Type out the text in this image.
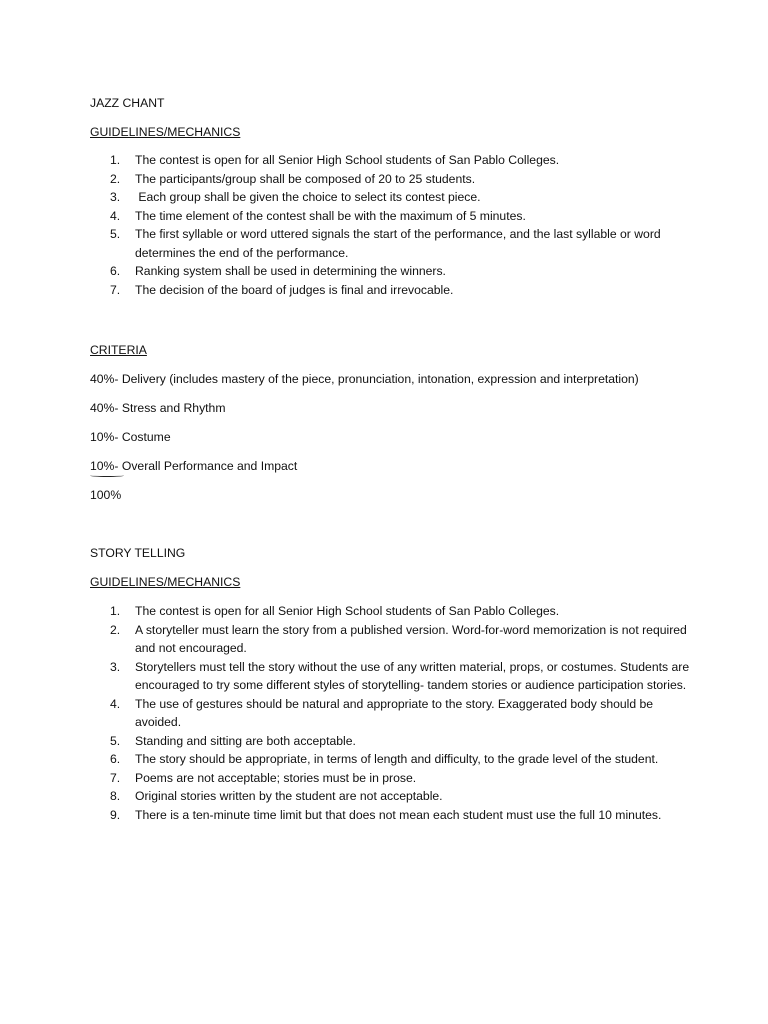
JAZZ CHANT

GUIDELINES/MECHANICS

1. The contest is open for all Senior High School students of San Pablo Colleges.
2. The participants/group shall be composed of 20 to 25 students.
3. Each group shall be given the choice to select its contest piece.
4. The time element of the contest shall be with the maximum of 5 minutes.
5. The first syllable or word uttered signals the start of the performance, and the last syllable or word determines the end of the performance.
6. Ranking system shall be used in determining the winners.
7. The decision of the board of judges is final and irrevocable.

CRITERIA

40%- Delivery (includes mastery of the piece, pronunciation, intonation, expression and interpretation)

40%- Stress and Rhythm

10%- Costume

10%- Overall Performance and Impact

100%

STORY TELLING

GUIDELINES/MECHANICS

1. The contest is open for all Senior High School students of San Pablo Colleges.
2. A storyteller must learn the story from a published version. Word-for-word memorization is not required and not encouraged.
3. Storytellers must tell the story without the use of any written material, props, or costumes. Students are encouraged to try some different styles of storytelling- tandem stories or audience participation stories.
4. The use of gestures should be natural and appropriate to the story. Exaggerated body should be avoided.
5. Standing and sitting are both acceptable.
6. The story should be appropriate, in terms of length and difficulty, to the grade level of the student.
7. Poems are not acceptable; stories must be in prose.
8. Original stories written by the student are not acceptable.
9. There is a ten-minute time limit but that does not mean each student must use the full 10 minutes.
